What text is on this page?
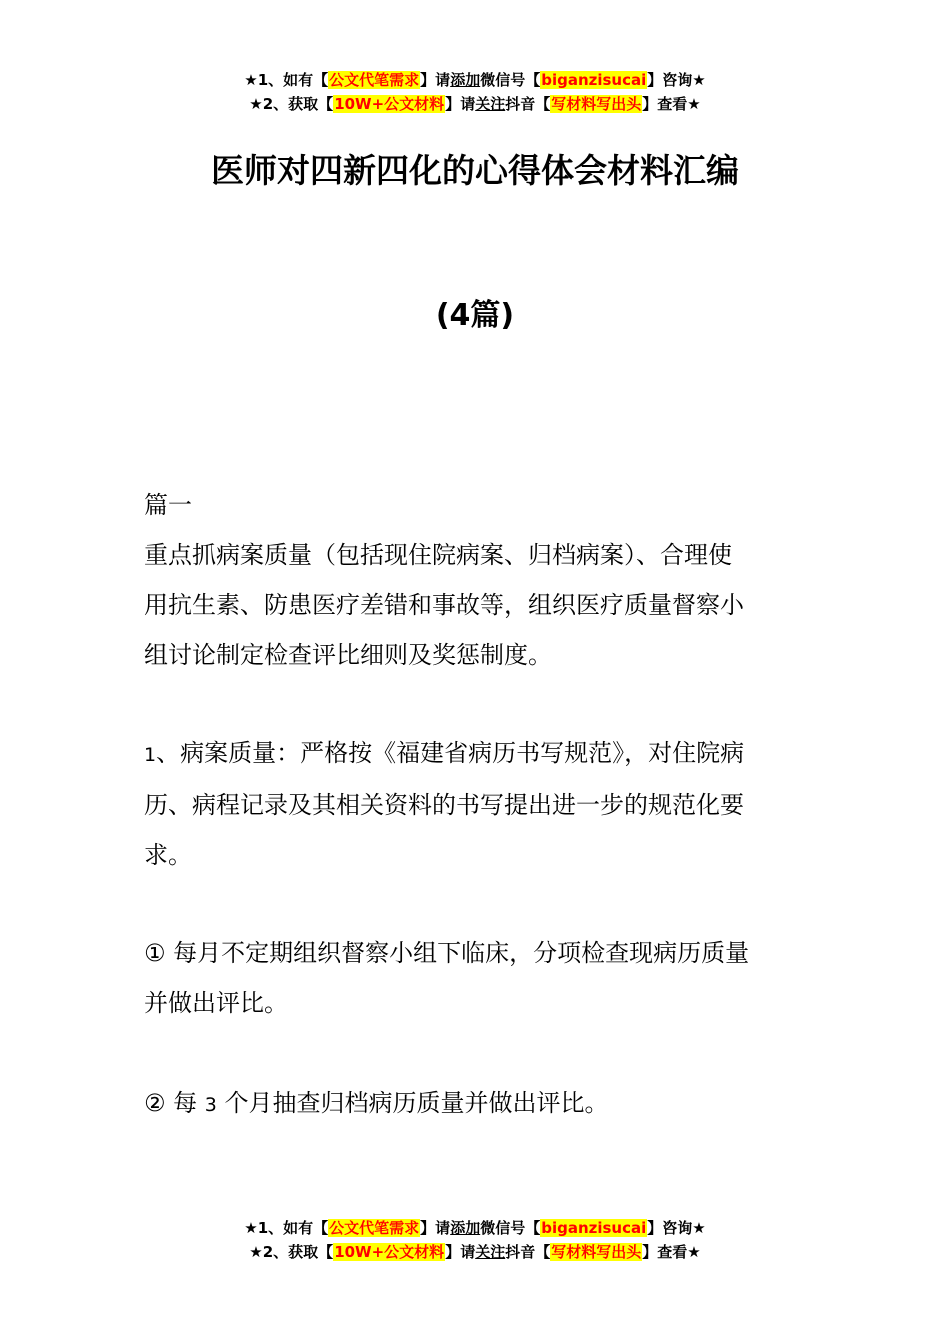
★1、如有【公文代笔需求】请添加微信号【biganzisucai】咨询★
★2、获取【10W+公文材料】请关注抖音【写材料写出头】查看★
医师对四新四化的心得体会材料汇编
(4篇)
篇一
重点抓病案质量（包括现住院病案、归档病案）、合理使
用抗生素、防患医疗差错和事故等，组织医疗质量督察小
组讨论制定检查评比细则及奖惩制度。
1、病案质量：严格按《福建省病历书写规范》，对住院病
历、病程记录及其相关资料的书写提出进一步的规范化要
求。
① 每月不定期组织督察小组下临床，分项检查现病历质量
并做出评比。
② 每 3 个月抽查归档病历质量并做出评比。
★1、如有【公文代笔需求】请添加微信号【biganzisucai】咨询★
★2、获取【10W+公文材料】请关注抖音【写材料写出头】查看★
